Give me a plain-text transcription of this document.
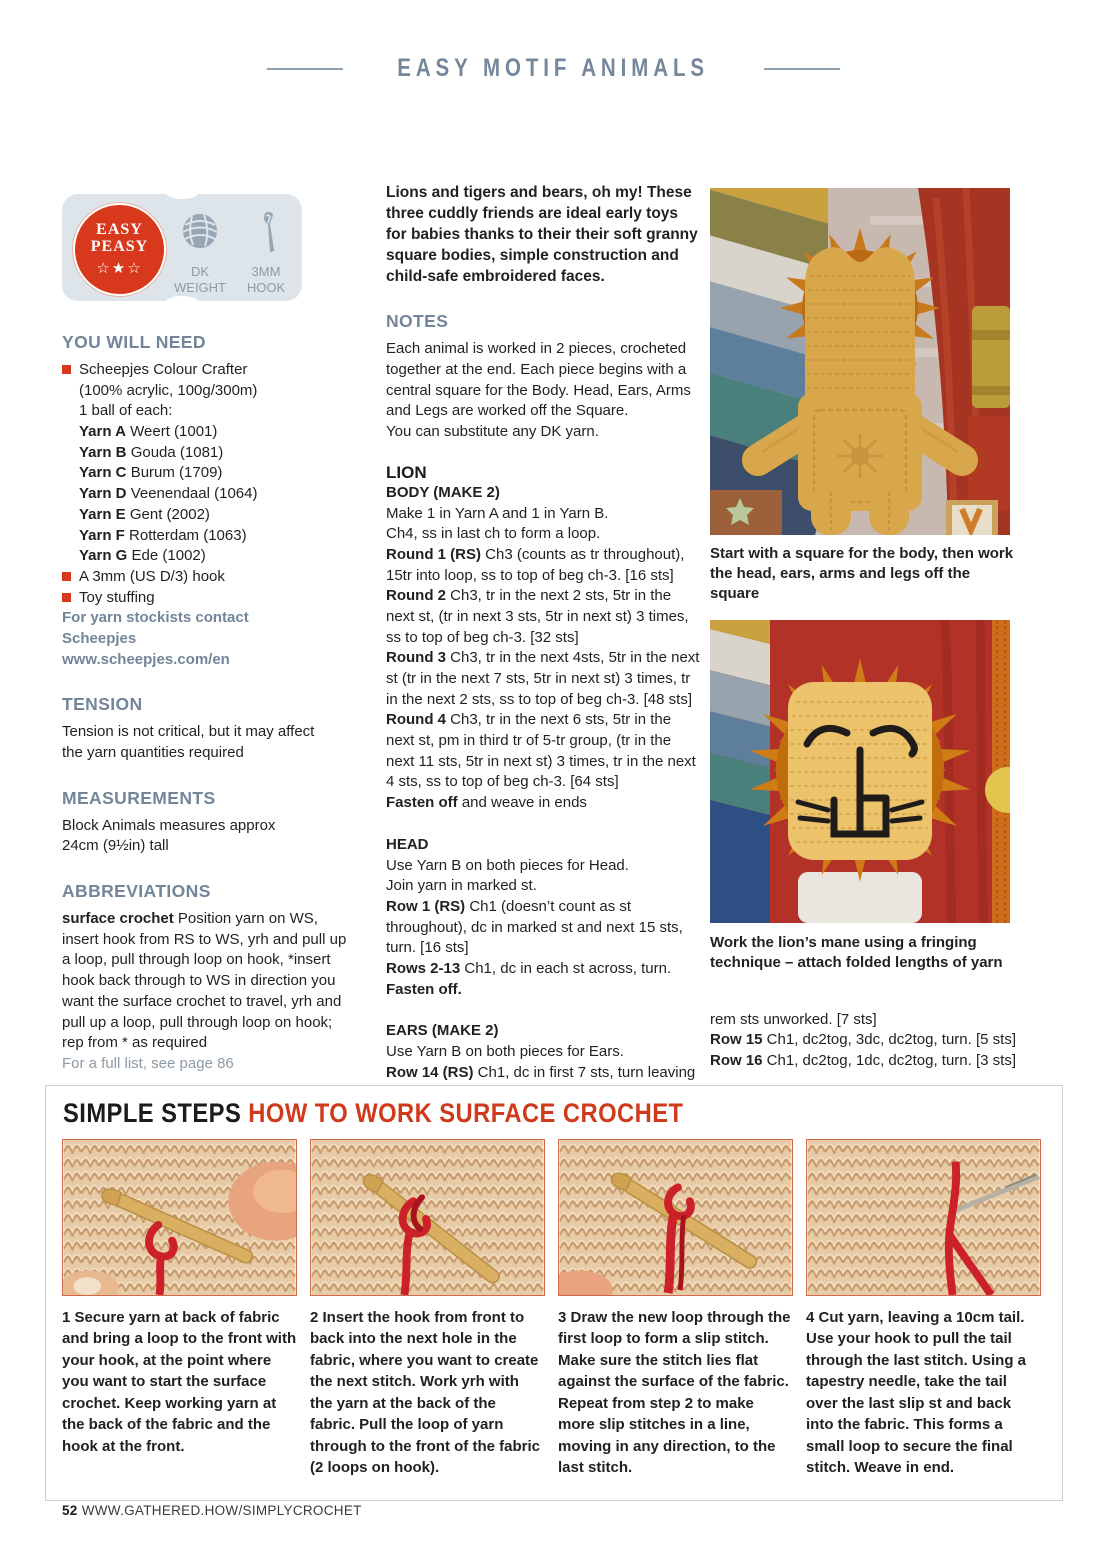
EASY MOTIF ANIMALS
EASY
PEASY
☆★☆	DK WEIGHT
3MM HOOK

YOU WILL NEED

Scheepjes Colour Crafter

(100% acrylic, 100g/300m)

1 ball of each:

Yarn A Weert (1001)

Yarn B Gouda (1081)

Yarn C Burum (1709)

Yarn D Veenendaal (1064)

Yarn E Gent (2002)

Yarn F Rotterdam (1063)

Yarn G Ede (1002)

A 3mm (US D/3) hook

Toy stuffing

For yarn stockists contact

Scheepjes

www.scheepjes.com/en

TENSION

Tension is not critical, but it may affect the yarn quantities required

MEASUREMENTS

Block Animals measures approx 24cm (9½in) tall

ABBREVIATIONS

surface crochet Position yarn on WS, insert hook from RS to WS, yrh and pull up a loop, pull through loop on hook, *insert hook back through to WS in direction you want the surface crochet to travel, yrh and pull up a loop, pull through loop on hook; rep from * as required

For a full list, see page 86

Lions and tigers and bears, oh my! These three cuddly friends are ideal early toys for babies thanks to their their soft granny square bodies, simple construction and child-safe embroidered faces.

NOTES

Each animal is worked in 2 pieces, crocheted together at the end. Each piece begins with a central square for the Body. Head, Ears, Arms and Legs are worked off the Square.

You can substitute any DK yarn.

LION

BODY (MAKE 2)

Make 1 in Yarn A and 1 in Yarn B.

Ch4, ss in last ch to form a loop.

Round 1 (RS) Ch3 (counts as tr throughout), 15tr into loop, ss to top of beg ch-3. [16 sts]

Round 2 Ch3, tr in the next 2 sts, 5tr in the next st, (tr in next 3 sts, 5tr in next st) 3 times, ss to top of beg ch-3. [32 sts]

Round 3 Ch3, tr in the next 4sts, 5tr in the next st (tr in the next 7 sts, 5tr in next st) 3 times, tr in the next 2 sts, ss to top of beg ch-3. [48 sts]

Round 4 Ch3, tr in the next 6 sts, 5tr in the next st, pm in third tr of 5-tr group, (tr in the next 11 sts, 5tr in next st) 3 times, tr in the next 4 sts, ss to top of beg ch-3. [64 sts]

Fasten off and weave in ends

HEAD

Use Yarn B on both pieces for Head.

Join yarn in marked st.

Row 1 (RS) Ch1 (doesn’t count as st throughout), dc in marked st and next 15 sts, turn. [16 sts]

Rows 2-13 Ch1, dc in each st across, turn.

Fasten off.

EARS (MAKE 2)

Use Yarn B on both pieces for Ears.

Row 14 (RS) Ch1, dc in first 7 sts, turn leaving

Start with a square for the body, then work the head, ears, arms and legs off the square

Work the lion’s mane using a fringing technique – attach folded lengths of yarn

rem sts unworked. [7 sts]

Row 15 Ch1, dc2tog, 3dc, dc2tog, turn. [5 sts]

Row 16 Ch1, dc2tog, 1dc, dc2tog, turn. [3 sts]

SIMPLE STEPS HOW TO WORK SURFACE CROCHET

1 Secure yarn at back of fabric and bring a loop to the front with your hook, at the point where you want to start the surface crochet. Keep working yarn at the back of the fabric and the hook at the front.

2 Insert the hook from front to back into the next hole in the fabric, where you want to create the next stitch. Work yrh with the yarn at the back of the fabric. Pull the loop of yarn through to the front of the fabric (2 loops on hook).

3 Draw the new loop through the first loop to form a slip stitch. Make sure the stitch lies flat against the surface of the fabric. Repeat from step 2 to make more slip stitches in a line, moving in any direction, to the last stitch.

4 Cut yarn, leaving a 10cm tail. Use your hook to pull the tail through the last stitch. Using a tapestry needle, take the tail over the last slip st and back into the fabric. This forms a small loop to secure the final stitch. Weave in end.

52 WWW.GATHERED.HOW/SIMPLYCROCHET
